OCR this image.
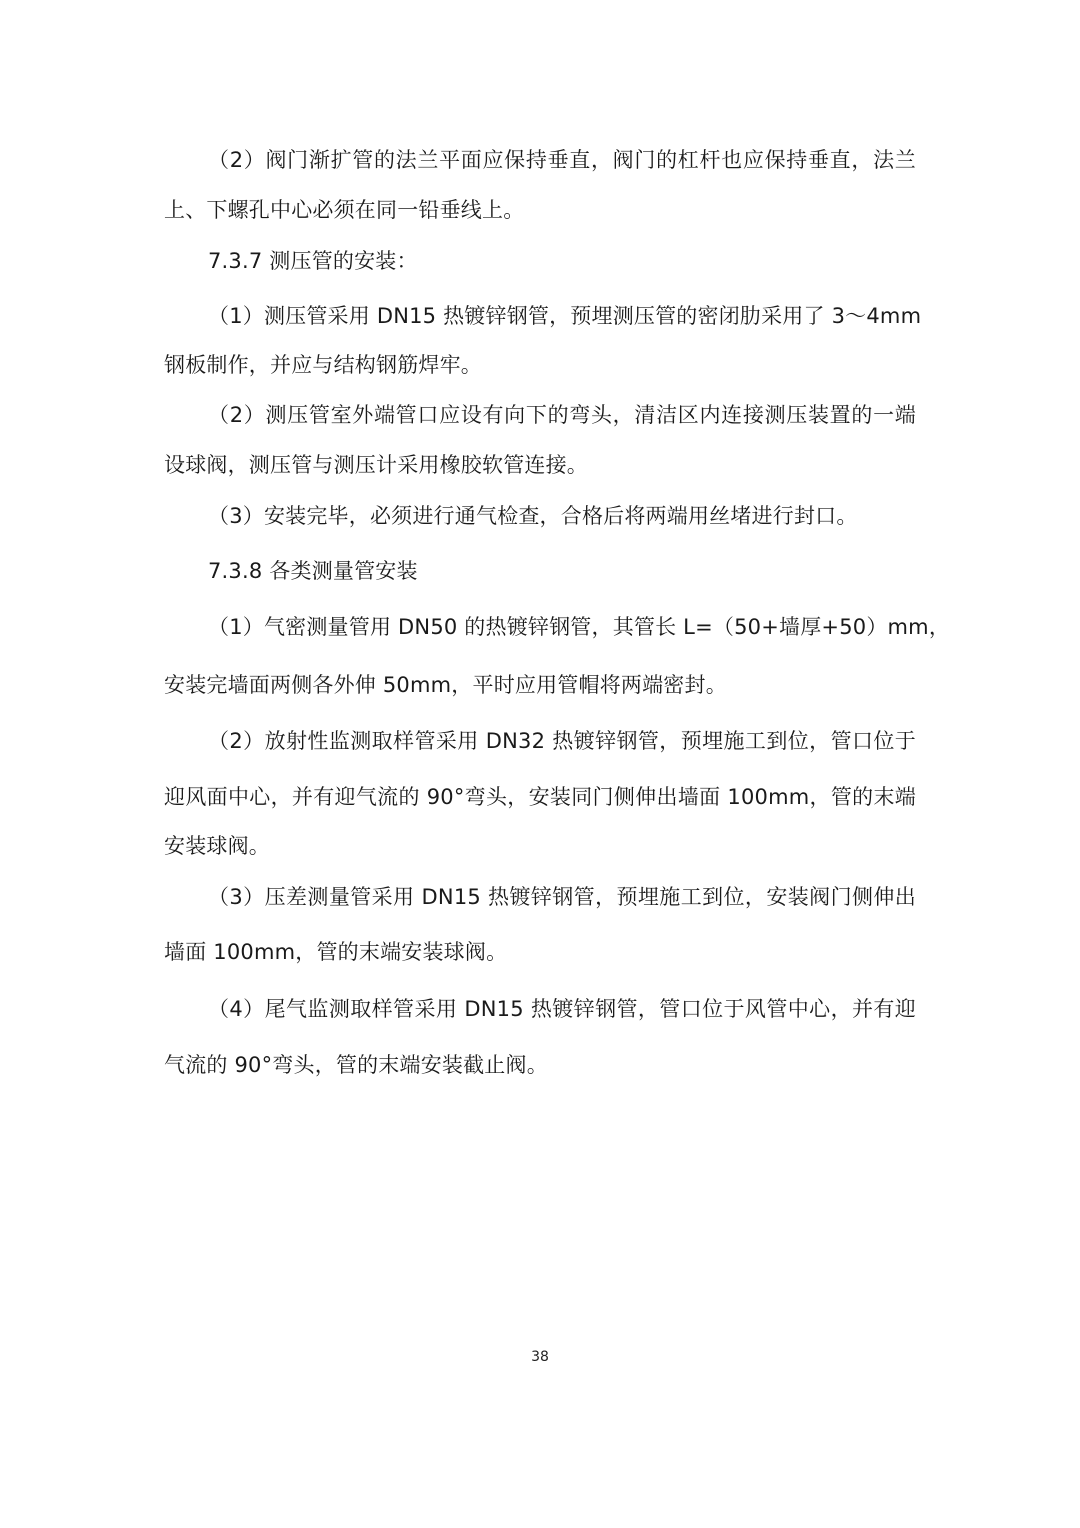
（2）阀门渐扩管的法兰平面应保持垂直，阀门的杠杆也应保持垂直，法兰
上、下螺孔中心必须在同一铅垂线上。
7.3.7 测压管的安装：
（1）测压管采用 DN15 热镀锌钢管，预埋测压管的密闭肋采用了 3～4mm
钢板制作，并应与结构钢筋焊牢。
（2）测压管室外端管口应设有向下的弯头，清洁区内连接测压装置的一端
设球阀，测压管与测压计采用橡胶软管连接。
（3）安装完毕，必须进行通气检查，合格后将两端用丝堵进行封口。
7.3.8 各类测量管安装
（1）气密测量管用 DN50 的热镀锌钢管，其管长 L=（50+墙厚+50）mm，
安装完墙面两侧各外伸 50mm，平时应用管帽将两端密封。
（2）放射性监测取样管采用 DN32 热镀锌钢管，预埋施工到位，管口位于
迎风面中心，并有迎气流的 90°弯头，安装同门侧伸出墙面 100mm，管的末端
安装球阀。
（3）压差测量管采用 DN15 热镀锌钢管，预埋施工到位，安装阀门侧伸出
墙面 100mm，管的末端安装球阀。
（4）尾气监测取样管采用 DN15 热镀锌钢管，管口位于风管中心，并有迎
气流的 90°弯头，管的末端安装截止阀。
38
